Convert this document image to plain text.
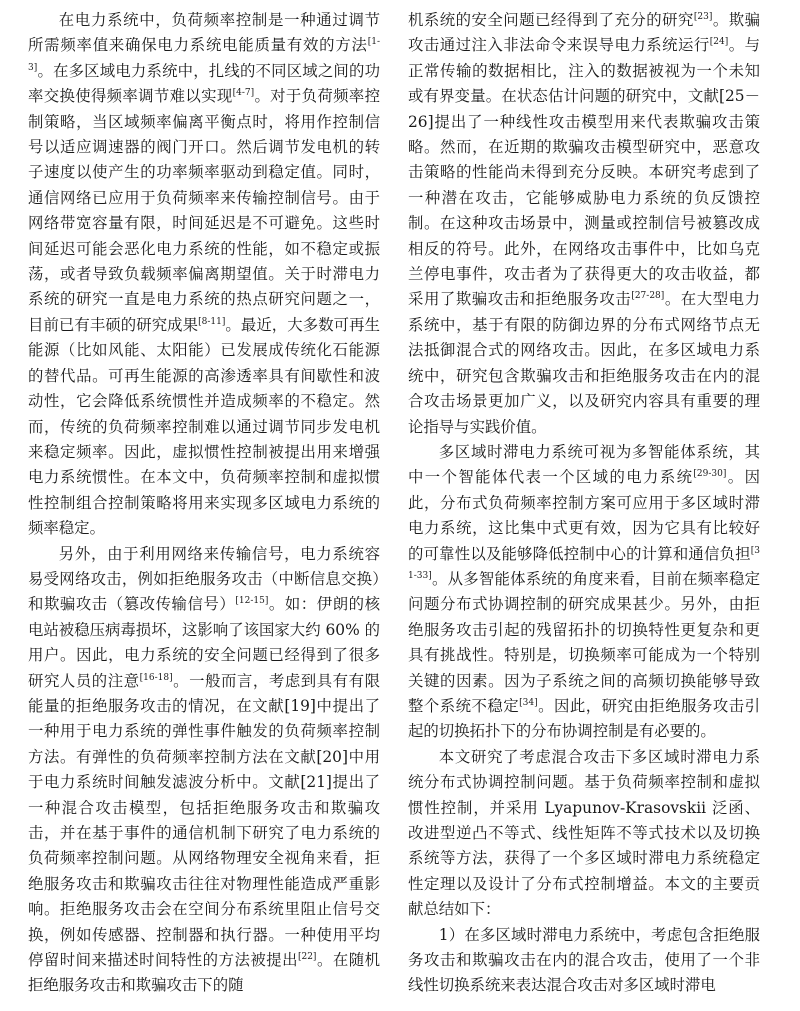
在电力系统中，负荷频率控制是一种通过调节所需频率值来确保电力系统电能质量有效的方法[1-3]。在多区域电力系统中，扎线的不同区域之间的功率交换使得频率调节难以实现[4-7]。对于负荷频率控制策略，当区域频率偏离平衡点时，将用作控制信号以适应调速器的阀门开口。然后调节发电机的转子速度以使产生的功率频率驱动到稳定值。同时，通信网络已应用于负荷频率来传输控制信号。由于网络带宽容量有限，时间延迟是不可避免。这些时间延迟可能会恶化电力系统的性能，如不稳定或振荡，或者导致负载频率偏离期望值。关于时滞电力系统的研究一直是电力系统的热点研究问题之一，目前已有丰硕的研究成果[8-11]。最近，大多数可再生能源（比如风能、太阳能）已发展成传统化石能源的替代品。可再生能源的高渗透率具有间歇性和波动性，它会降低系统惯性并造成频率的不稳定。然而，传统的负荷频率控制难以通过调节同步发电机来稳定频率。因此，虚拟惯性控制被提出用来增强电力系统惯性。在本文中，负荷频率控制和虚拟惯性控制组合控制策略将用来实现多区域电力系统的频率稳定。

另外，由于利用网络来传输信号，电力系统容易受网络攻击，例如拒绝服务攻击（中断信息交换）和欺骗攻击（篡改传输信号）[12-15]。如：伊朗的核电站被稳压病毒损坏，这影响了该国家大约 60% 的用户。因此，电力系统的安全问题已经得到了很多研究人员的注意[16-18]。一般而言，考虑到具有有限能量的拒绝服务攻击的情况，在文献[19]中提出了一种用于电力系统的弹性事件触发的负荷频率控制方法。有弹性的负荷频率控制方法在文献[20]中用于电力系统时间触发滤波分析中。文献[21]提出了一种混合攻击模型，包括拒绝服务攻击和欺骗攻击，并在基于事件的通信机制下研究了电力系统的负荷频率控制问题。从网络物理安全视角来看，拒绝服务攻击和欺骗攻击往往对物理性能造成严重影响。拒绝服务攻击会在空间分布系统里阻止信号交换，例如传感器、控制器和执行器。一种使用平均停留时间来描述时间特性的方法被提出[22]。在随机拒绝服务攻击和欺骗攻击下的随

机系统的安全问题已经得到了充分的研究[23]。欺骗攻击通过注入非法命令来误导电力系统运行[24]。与正常传输的数据相比，注入的数据被视为一个未知或有界变量。在状态估计问题的研究中，文献[25－26]提出了一种线性攻击模型用来代表欺骗攻击策略。然而，在近期的欺骗攻击模型研究中，恶意攻击策略的性能尚未得到充分反映。本研究考虑到了一种潜在攻击，它能够威胁电力系统的负反馈控制。在这种攻击场景中，测量或控制信号被篡改成相反的符号。此外，在网络攻击事件中，比如乌克兰停电事件，攻击者为了获得更大的攻击收益，都采用了欺骗攻击和拒绝服务攻击[27-28]。在大型电力系统中，基于有限的防御边界的分布式网络节点无法抵御混合式的网络攻击。因此，在多区域电力系统中，研究包含欺骗攻击和拒绝服务攻击在内的混合攻击场景更加广义，以及研究内容具有重要的理论指导与实践价值。

多区域时滞电力系统可视为多智能体系统，其中一个智能体代表一个区域的电力系统[29-30]。因此，分布式负荷频率控制方案可应用于多区域时滞电力系统，这比集中式更有效，因为它具有比较好的可靠性以及能够降低控制中心的计算和通信负担[31-33]。从多智能体系统的角度来看，目前在频率稳定问题分布式协调控制的研究成果甚少。另外，由拒绝服务攻击引起的残留拓扑的切换特性更复杂和更具有挑战性。特别是，切换频率可能成为一个特别关键的因素。因为子系统之间的高频切换能够导致整个系统不稳定[34]。因此，研究由拒绝服务攻击引起的切换拓扑下的分布协调控制是有必要的。

本文研究了考虑混合攻击下多区域时滞电力系统分布式协调控制问题。基于负荷频率控制和虚拟惯性控制，并采用 Lyapunov-Krasovskii 泛函、改进型逆凸不等式、线性矩阵不等式技术以及切换系统等方法，获得了一个多区域时滞电力系统稳定性定理以及设计了分布式控制增益。本文的主要贡献总结如下：

1）在多区域时滞电力系统中，考虑包含拒绝服务攻击和欺骗攻击在内的混合攻击，使用了一个非线性切换系统来表达混合攻击对多区域时滞电
